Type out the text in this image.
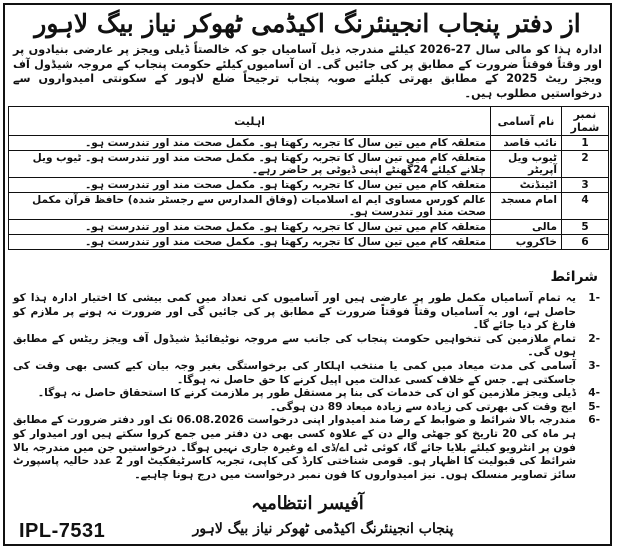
از دفتر پنجاب انجینئرنگ اکیڈمی ٹھوکر نیاز بیگ لاہور
ادارہ ہذا کو مالی سال 27-2026 کیلئے مندرجہ ذیل آسامیاں جو کہ خالصتاً ڈیلی ویجز پر عارضی بنیادوں پر اور وقتاً فوقتاً ضرورت کے مطابق پر کی جائیں گی۔ ان آسامیوں کیلئے حکومت پنجاب کے مروجہ شیڈول آف ویجز ریٹ 2025 کے مطابق بھرتی کیلئے صوبہ پنجاب ترجیحاً ضلع لاہور کے سکونتی امیدواروں سے درخواستیں مطلوب ہیں۔
نمبر شمار	نام آسامی	اہلیت
1	نائب قاصد	متعلقہ کام میں تین سال کا تجربہ رکھتا ہو۔ مکمل صحت مند اور تندرست ہو۔
2	ٹیوب ویل آپریٹر	متعلقہ کام میں تین سال کا تجربہ رکھتا ہو۔ مکمل صحت مند اور تندرست ہو۔ ٹیوب ویل چلانے کیلئے 24گھنٹے اپنی ڈیوٹی پر حاضر رہے۔
3	اٹینڈنٹ	متعلقہ کام میں تین سال کا تجربہ رکھتا ہو۔ مکمل صحت مند اور تندرست ہو۔
4	امام مسجد	عالم کورس مساوی ایم اے اسلامیات (وفاق المدارس سے رجسٹر شدہ) حافظ قرآن مکمل صحت مند اور تندرست ہو۔
5	مالی	متعلقہ کام میں تین سال کا تجربہ رکھتا ہو۔ مکمل صحت مند اور تندرست ہو۔
6	خاکروب	متعلقہ کام میں تین سال کا تجربہ رکھتا ہو۔ مکمل صحت مند اور تندرست ہو۔
شرائط
-1
یہ تمام آسامیاں مکمل طور پر عارضی ہیں اور آسامیوں کی تعداد میں کمی بیشی کا اختیار ادارہ ہذا کو حاصل ہے، اور یہ آسامیاں وقتاً فوقتاً ضرورت کے مطابق پر کی جائیں گی اور ضرورت نہ ہونے پر ملازم کو فارغ کر دیا جائے گا۔
-2
تمام ملازمین کی تنخواہیں حکومت پنجاب کی جانب سے مروجہ نوٹیفائیڈ شیڈول آف ویجز ریٹس کے مطابق ہوں گی۔
-3
آسامی کی مدت میعاد میں کمی یا منتخب اہلکار کی برخواستگی بغیر وجہ بیان کیے کسی بھی وقت کی جاسکتی ہے۔ جس کے خلاف کسی عدالت میں اپیل کرنے کا حق حاصل نہ ہوگا۔
-4
ڈیلی ویجز ملازمین کو ان کی خدمات کی بنا پر مستقل طور پر ملازمت کرنے کا استحقاق حاصل نہ ہوگا۔
-5
ایج وقت کی بھرتی کی زیادہ سے زیادہ میعاد 89 دن ہوگی۔
-6
مندرجہ بالا شرائط و ضوابط کے رضا مند امیدوار اپنی درخواست 06.08.2026 تک اور دفتر ضرورت کے مطابق ہر ماہ کی 20 تاریخ کو جھٹی والے دن کے علاوہ کسی بھی دن دفتر میں جمع کروا سکتے ہیں اور امیدوار کو فون پر انٹرویو کیلئے بلایا جائے گا، کوئی ٹی اے/ڈی اے وغیرہ جاری نہیں ہوگا۔ درخواستیں جن میں مندرجہ بالا شرائط کی قبولیت کا اظہار ہو۔ قومی شناختی کارڈ کی کاپی، تجربہ کاسرٹیفکیٹ اور 2 عدد حالیہ پاسپورٹ سائز تصاویر منسلک ہوں۔ نیز امیدواروں کا فون نمبر درخواست میں درج ہونا چاہیے۔
آفیسر انتظامیہ
پنجاب انجینئرنگ اکیڈمی ٹھوکر نیاز بیگ لاہور
IPL-7531
